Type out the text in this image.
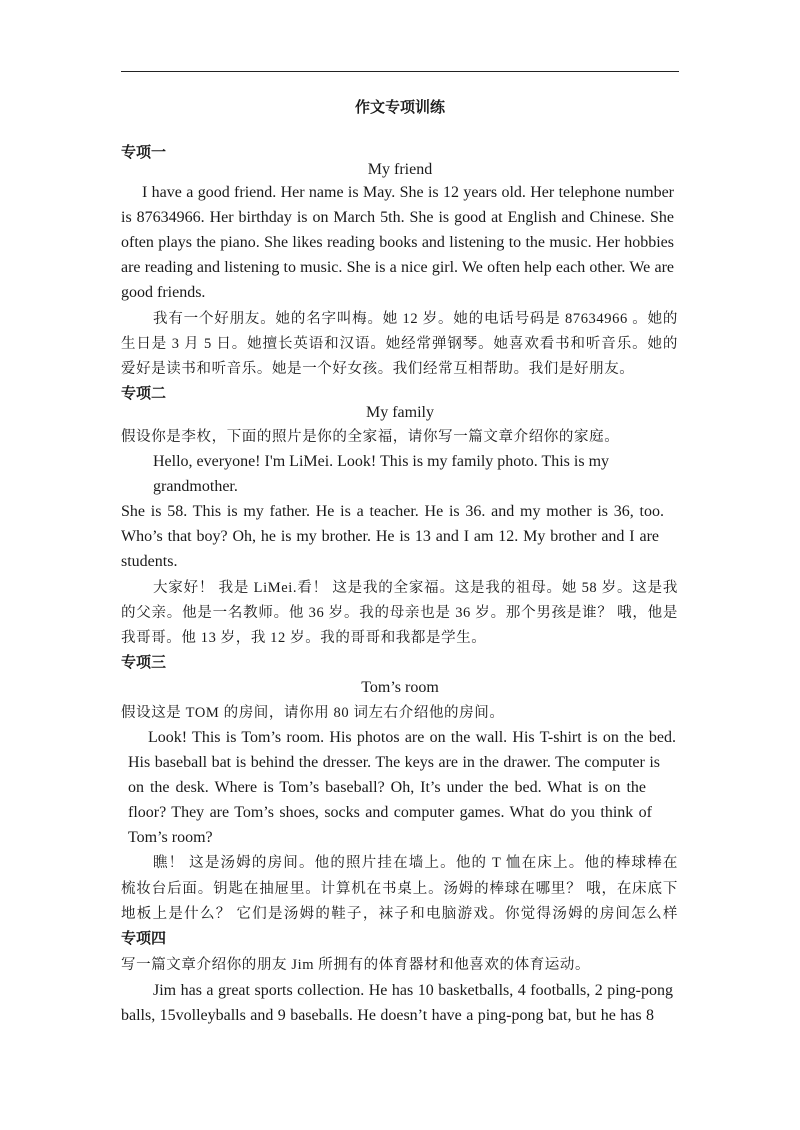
作文专项训练
专项一
My friend
I have a good friend. Her name is May. She is 12 years old. Her telephone number
is 87634966. Her birthday is on March 5th. She is good at English and Chinese. She
often plays the piano. She likes reading books and listening to the music. Her hobbies
are reading and listening to music. She is a nice girl. We often help each other. We are
good friends.
我有一个好朋友。她的名字叫梅。她 12 岁。她的电话号码是 87634966 。她的
生日是 3 月 5 日。她擅长英语和汉语。她经常弹钢琴。她喜欢看书和听音乐。她的
爱好是读书和听音乐。她是一个好女孩。我们经常互相帮助。我们是好朋友。
专项二
My family
假设你是李枚，下面的照片是你的全家福，请你写一篇文章介绍你的家庭。
Hello, everyone! I'm LiMei. Look! This is my family photo. This is my
grandmother.
She is 58. This is my father. He is a teacher. He is 36. and my mother is 36, too.
Who’s that boy? Oh, he is my brother. He is 13 and I am 12. My brother and I are
students.
大家好！ 我是 LiMei.看！ 这是我的全家福。这是我的祖母。她 58 岁。这是我
的父亲。他是一名教师。他 36 岁。我的母亲也是 36 岁。那个男孩是谁？ 哦，他是
我哥哥。他 13 岁，我 12 岁。我的哥哥和我都是学生。
专项三
Tom’s room
假设这是 TOM 的房间，请你用 80 词左右介绍他的房间。
Look! This is Tom’s room. His photos are on the wall. His T-shirt is on the bed.
His baseball bat is behind the dresser. The keys are in the drawer. The computer is
on the desk. Where is Tom’s baseball? Oh, It’s under the bed. What is on the
floor? They are Tom’s shoes, socks and computer games. What do you think of
Tom’s room?
瞧！ 这是汤姆的房间。他的照片挂在墙上。他的 T 恤在床上。他的棒球棒在
梳妆台后面。钥匙在抽屉里。计算机在书桌上。汤姆的棒球在哪里？ 哦，在床底下
地板上是什么？ 它们是汤姆的鞋子，袜子和电脑游戏。你觉得汤姆的房间怎么样
专项四
写一篇文章介绍你的朋友 Jim 所拥有的体育器材和他喜欢的体育运动。
Jim has a great sports collection. He has 10 basketballs, 4 footballs, 2 ping-pong
balls, 15volleyballs and 9 baseballs. He doesn’t have a ping-pong bat, but he has 8
